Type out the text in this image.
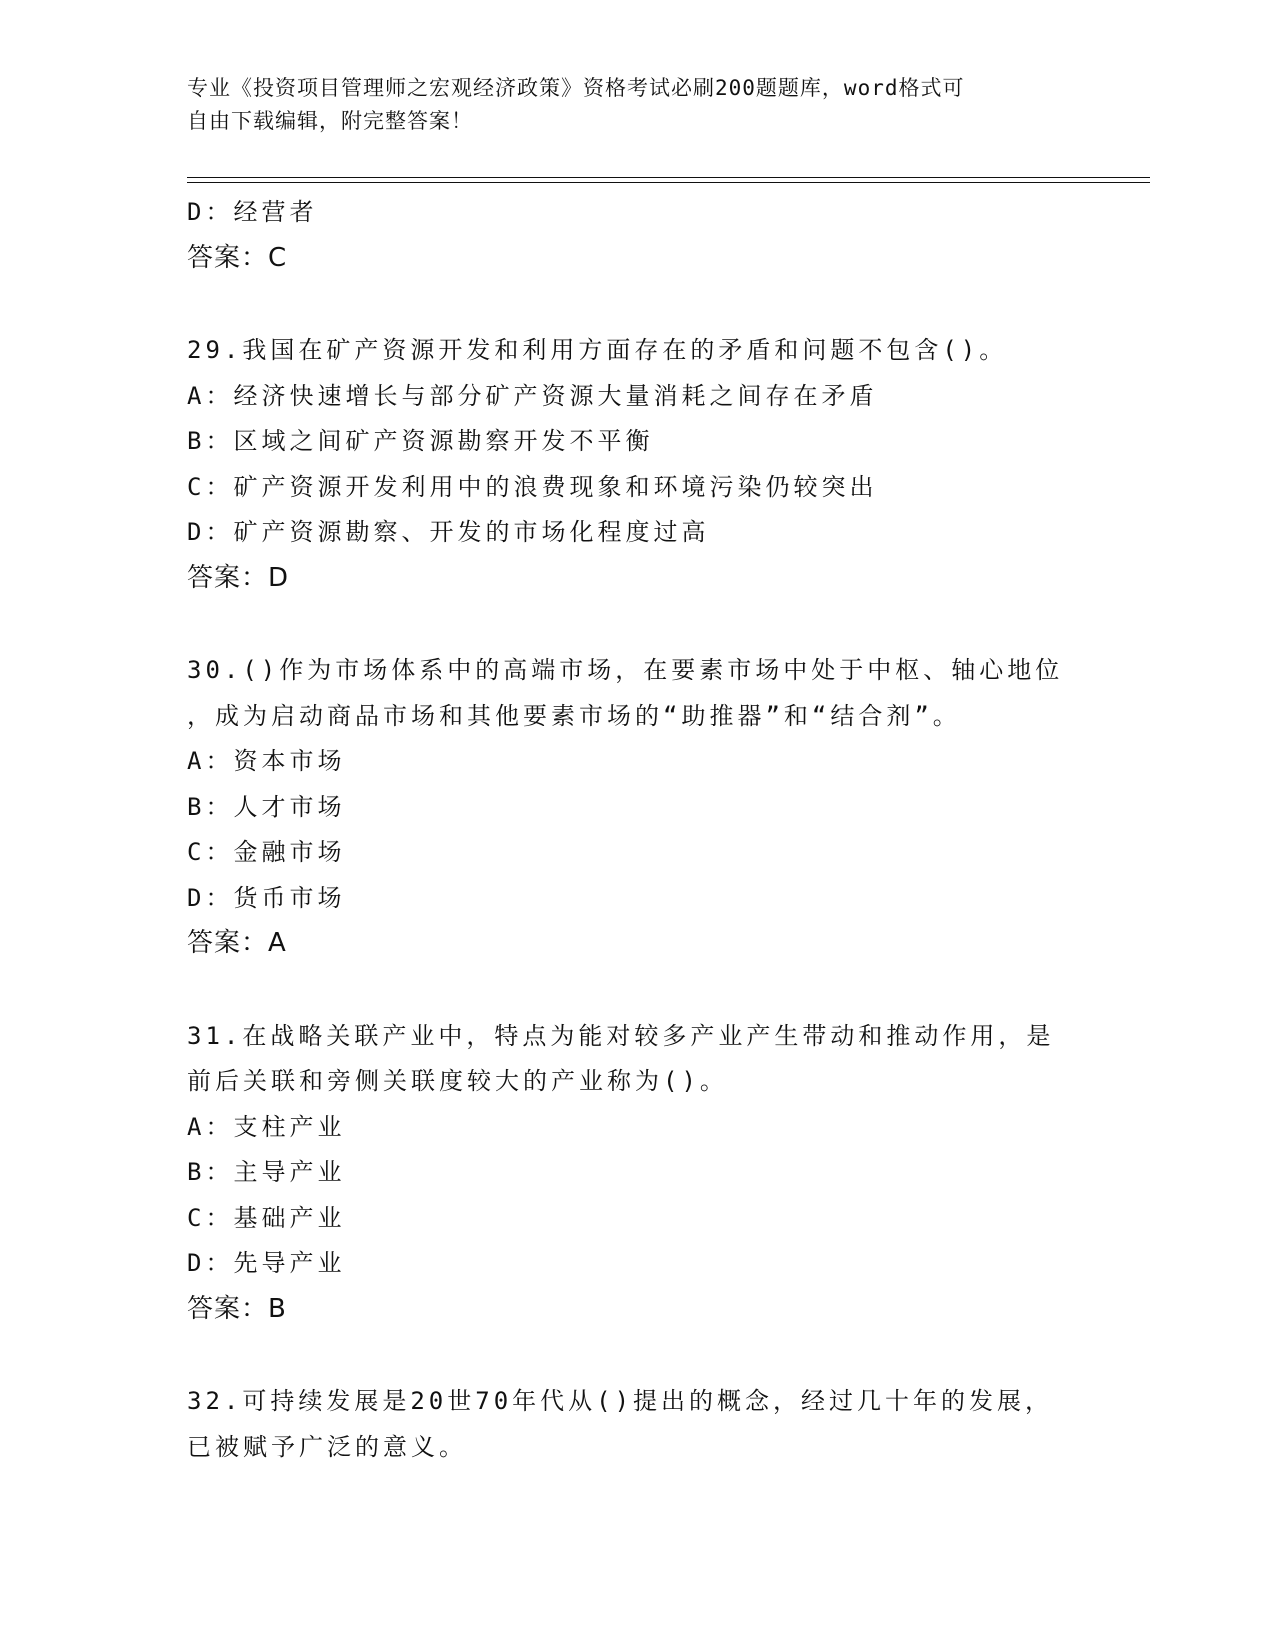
专业《投资项目管理师之宏观经济政策》资格考试必刷200题题库，word格式可
自由下载编辑，附完整答案！
D：经营者
答案：C
29.我国在矿产资源开发和利用方面存在的矛盾和问题不包含()。
A：经济快速增长与部分矿产资源大量消耗之间存在矛盾
B：区域之间矿产资源勘察开发不平衡
C：矿产资源开发利用中的浪费现象和环境污染仍较突出
D：矿产资源勘察、开发的市场化程度过高
答案：D
30.()作为市场体系中的高端市场，在要素市场中处于中枢、轴心地位
，成为启动商品市场和其他要素市场的“助推器”和“结合剂”。
A：资本市场
B：人才市场
C：金融市场
D：货币市场
答案：A
31.在战略关联产业中，特点为能对较多产业产生带动和推动作用，是
前后关联和旁侧关联度较大的产业称为()。
A：支柱产业
B：主导产业
C：基础产业
D：先导产业
答案：B
32.可持续发展是20世70年代从()提出的概念，经过几十年的发展，
已被赋予广泛的意义。
